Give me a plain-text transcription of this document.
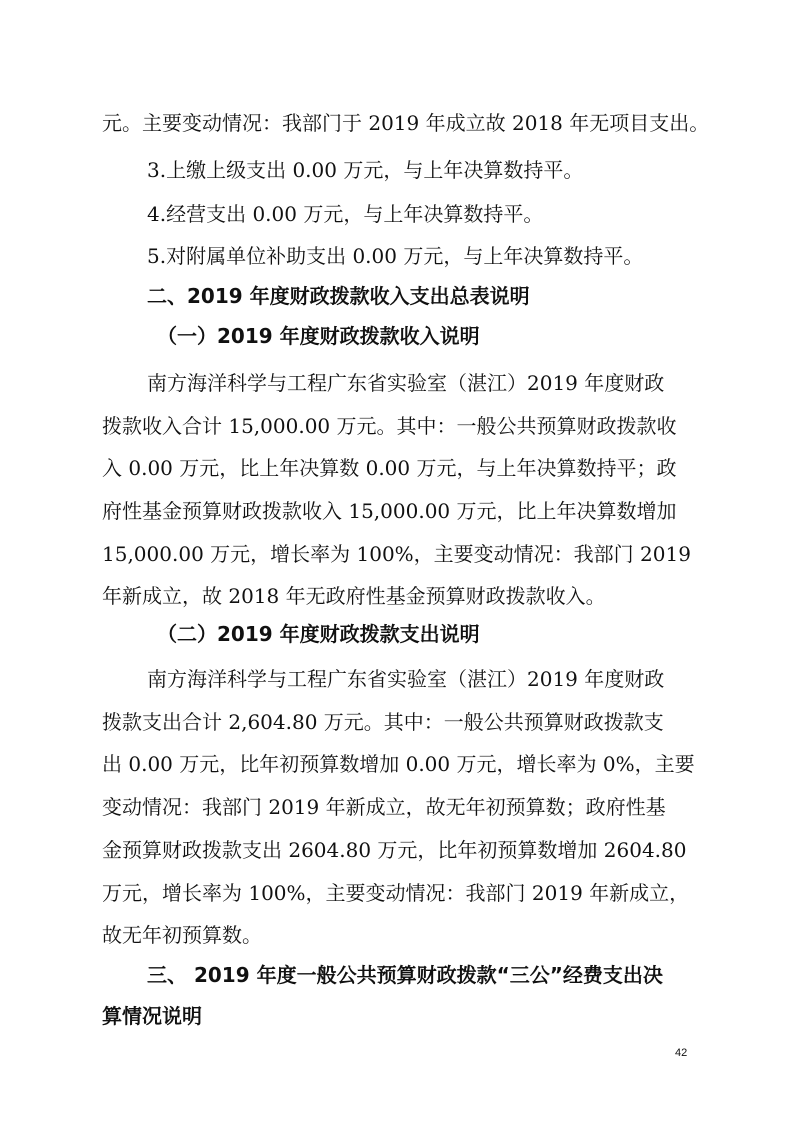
元。主要变动情况：我部门于 2019 年成立故 2018 年无项目支出。
3.上缴上级支出 0.00 万元，与上年决算数持平。
4.经营支出 0.00 万元，与上年决算数持平。
5.对附属单位补助支出 0.00 万元，与上年决算数持平。
二、2019 年度财政拨款收入支出总表说明
（一）2019 年度财政拨款收入说明
南方海洋科学与工程广东省实验室（湛江）2019 年度财政
拨款收入合计 15,000.00 万元。其中：一般公共预算财政拨款收
入 0.00 万元，比上年决算数 0.00 万元，与上年决算数持平；政
府性基金预算财政拨款收入 15,000.00 万元，比上年决算数增加
15,000.00 万元，增长率为 100%，主要变动情况：我部门 2019
年新成立，故 2018 年无政府性基金预算财政拨款收入。
（二）2019 年度财政拨款支出说明
南方海洋科学与工程广东省实验室（湛江）2019 年度财政
拨款支出合计 2,604.80 万元。其中：一般公共预算财政拨款支
出 0.00 万元，比年初预算数增加 0.00 万元，增长率为 0%，主要
变动情况：我部门 2019 年新成立，故无年初预算数；政府性基
金预算财政拨款支出 2604.80 万元，比年初预算数增加 2604.80
万元，增长率为 100%，主要变动情况：我部门 2019 年新成立，
故无年初预算数。
三、 2019 年度一般公共预算财政拨款“三公”经费支出决
算情况说明
42
